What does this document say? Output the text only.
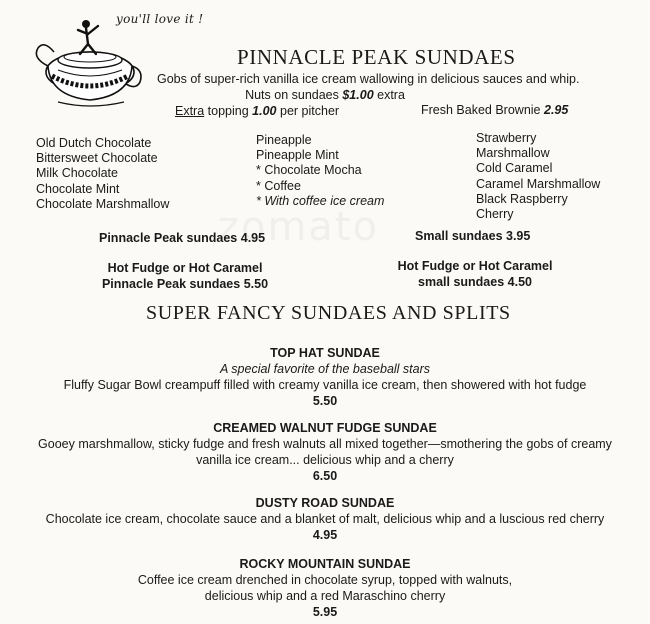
you'll love it !
PINNACLE PEAK SUNDAES
Gobs of super-rich vanilla ice cream wallowing in delicious sauces and whip.
Nuts on sundaes $1.00 extra
Extra topping 1.00 per pitcher	Fresh Baked Brownie 2.95
Old Dutch Chocolate
Bittersweet Chocolate
Milk Chocolate
Chocolate Mint
Chocolate Marshmallow
Pineapple
Pineapple Mint
* Chocolate Mocha
* Coffee
* With coffee ice cream
Strawberry
Marshmallow
Cold Caramel
Caramel Marshmallow
Black Raspberry
Cherry
Pinnacle Peak sundaes 4.95	Small sundaes 3.95
Hot Fudge or Hot Caramel
Pinnacle Peak sundaes 5.50
Hot Fudge or Hot Caramel
small sundaes 4.50
SUPER FANCY SUNDAES AND SPLITS
TOP HAT SUNDAE
A special favorite of the baseball stars
Fluffy Sugar Bowl creampuff filled with creamy vanilla ice cream, then showered with hot fudge
5.50
CREAMED WALNUT FUDGE SUNDAE
Gooey marshmallow, sticky fudge and fresh walnuts all mixed together—smothering the gobs of creamy
vanilla ice cream... delicious whip and a cherry
6.50
DUSTY ROAD SUNDAE
Chocolate ice cream, chocolate sauce and a blanket of malt, delicious whip and a luscious red cherry
4.95
ROCKY MOUNTAIN SUNDAE
Coffee ice cream drenched in chocolate syrup, topped with walnuts,
delicious whip and a red Maraschino cherry
5.95
